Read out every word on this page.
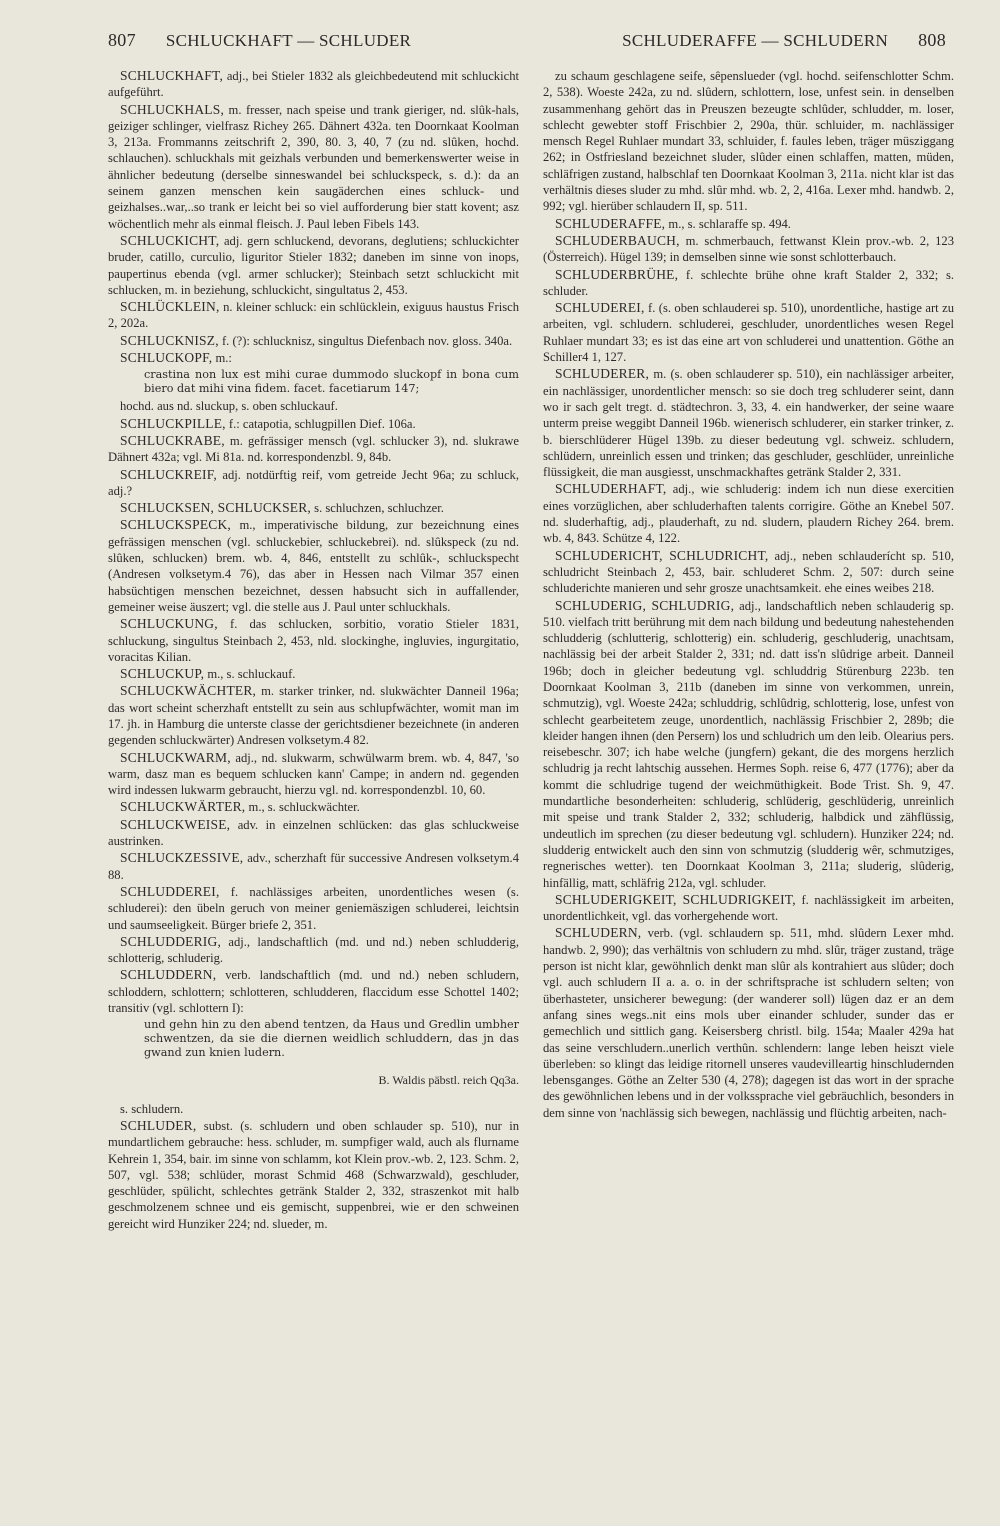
807 SCHLUCKHAFT — SCHLUDER	SCHLUDERAFFE — SCHLUDERN 808

SCHLUCKHAFT, adj., bei Stieler 1832 als gleichbedeutend mit schluckicht aufgeführt.

SCHLUCKHALS, m. fresser, nach speise und trank gieriger, nd. slûk-hals, geiziger schlinger, vielfrasz Richey 265. Dähnert 432a. ten Doornkaat Koolman 3, 213a. Frommanns zeitschrift 2, 390, 80. 3, 40, 7 (zu nd. slûken, hochd. schlauchen). schluckhals mit geizhals verbunden und bemerkenswerter weise in ähnlicher bedeutung (derselbe sinneswandel bei schluckspeck, s. d.): da an seinem ganzen menschen kein saugäderchen eines schluck- und geizhalses..war,..so trank er leicht bei so viel aufforderung bier statt kovent; asz wöchentlich mehr als einmal fleisch. J. Paul leben Fibels 143.

SCHLUCKICHT, adj. gern schluckend, devorans, deglutiens; schluckichter bruder, catillo, curculio, liguritor Stieler 1832; daneben im sinne von inops, paupertinus ebenda (vgl. armer schlucker); Steinbach setzt schluckicht mit schlucken, m. in beziehung, schluckicht, singultatus 2, 453.

SCHLÜCKLEIN, n. kleiner schluck: ein schlücklein, exiguus haustus Frisch 2, 202a.

SCHLUCKNISZ, f. (?): schlucknisz, singultus Diefenbach nov. gloss. 340a.

SCHLUCKOPF, m.:

crastina non lux est mihi curae dummodo sluckopf in bona cum biero dat mihi vina fidem. facet. facetiarum 147;

hochd. aus nd. sluckup, s. oben schluckauf.

SCHLUCKPILLE, f.: catapotia, schlugpillen Dief. 106a.

SCHLUCKRABE, m. gefrässiger mensch (vgl. schlucker 3), nd. slukrawe Dähnert 432a; vgl. Mi 81a. nd. korrespondenzbl. 9, 84b.

SCHLUCKREIF, adj. notdürftig reif, vom getreide Jecht 96a; zu schluck, adj.?

SCHLUCKSEN, SCHLUCKSER, s. schluchzen, schluchzer.

SCHLUCKSPECK, m., imperativische bildung, zur bezeichnung eines gefrässigen menschen (vgl. schluckebier, schluckebrei). nd. slûkspeck (zu nd. slûken, schlucken) brem. wb. 4, 846, entstellt zu schlûk-, schluckspecht (Andresen volksetym.4 76), das aber in Hessen nach Vilmar 357 einen habsüchtigen menschen bezeichnet, dessen habsucht sich in auffallender, gemeiner weise äuszert; vgl. die stelle aus J. Paul unter schluckhals.

SCHLUCKUNG, f. das schlucken, sorbitio, voratio Stieler 1831, schluckung, singultus Steinbach 2, 453, nld. slockinghe, ingluvies, ingurgitatio, voracitas Kilian.

SCHLUCKUP, m., s. schluckauf.

SCHLUCKWÄCHTER, m. starker trinker, nd. slukwächter Danneil 196a; das wort scheint scherzhaft entstellt zu sein aus schlupfwächter, womit man im 17. jh. in Hamburg die unterste classe der gerichtsdiener bezeichnete (in anderen gegenden schluckwärter) Andresen volksetym.4 82.

SCHLUCKWARM, adj., nd. slukwarm, schwülwarm brem. wb. 4, 847, 'so warm, dasz man es bequem schlucken kann' Campe; in andern nd. gegenden wird indessen lukwarm gebraucht, hierzu vgl. nd. korrespondenzbl. 10, 60.

SCHLUCKWÄRTER, m., s. schluckwächter.

SCHLUCKWEISE, adv. in einzelnen schlücken: das glas schluckweise austrinken.

SCHLUCKZESSIVE, adv., scherzhaft für successive Andresen volksetym.4 88.

SCHLUDDEREI, f. nachlässiges arbeiten, unordentliches wesen (s. schluderei): den übeln geruch von meiner geniemäszigen schluderei, leichtsin und saumseeligkeit. Bürger briefe 2, 351.

SCHLUDDERIG, adj., landschaftlich (md. und nd.) neben schludderig, schlotterig, schluderig.

SCHLUDDERN, verb. landschaftlich (md. und nd.) neben schludern, schloddern, schlottern; schlotteren, schludderen, flaccidum esse Schottel 1402; transitiv (vgl. schlottern I):

und gehn hin zu den abend tentzen, da Haus und Gredlin umbher schwentzen, da sie die diernen weidlich schluddern, das jn das gwand zun knien ludern.

B. Waldis päbstl. reich Qq3a.

s. schludern.

SCHLUDER, subst. (s. schludern und oben schlauder sp. 510), nur in mundartlichem gebrauche: hess. schluder, m. sumpfiger wald, auch als flurname Kehrein 1, 354, bair. im sinne von schlamm, kot Klein prov.-wb. 2, 123. Schm. 2, 507, vgl. 538; schlüder, morast Schmid 468 (Schwarzwald), geschluder, geschlüder, spülicht, schlechtes getränk Stalder 2, 332, straszenkot mit halb geschmolzenem schnee und eis gemischt, suppenbrei, wie er den schweinen gereicht wird Hunziker 224; nd. slueder, m.

zu schaum geschlagene seife, sêpenslueder (vgl. hochd. seifenschlotter Schm. 2, 538). Woeste 242a, zu nd. slûdern, schlottern, lose, unfest sein. in denselben zusammenhang gehört das in Preuszen bezeugte schlûder, schludder, m. loser, schlecht gewebter stoff Frischbier 2, 290a, thür. schluider, m. nachlässiger mensch Regel Ruhlaer mundart 33, schluider, f. faules leben, träger müsziggang 262; in Ostfriesland bezeichnet sluder, slûder einen schlaffen, matten, müden, schläfrigen zustand, halbschlaf ten Doornkaat Koolman 3, 211a. nicht klar ist das verhältnis dieses sluder zu mhd. slûr mhd. wb. 2, 2, 416a. Lexer mhd. handwb. 2, 992; vgl. hierüber schlaudern II, sp. 511.

SCHLUDERAFFE, m., s. schlaraffe sp. 494.

SCHLUDERBAUCH, m. schmerbauch, fettwanst Klein prov.-wb. 2, 123 (Österreich). Hügel 139; in demselben sinne wie sonst schlotterbauch.

SCHLUDERBRÜHE, f. schlechte brühe ohne kraft Stalder 2, 332; s. schluder.

SCHLUDEREI, f. (s. oben schlauderei sp. 510), unordentliche, hastige art zu arbeiten, vgl. schludern. schluderei, geschluder, unordentliches wesen Regel Ruhlaer mundart 33; es ist das eine art von schluderei und unattention. Göthe an Schiller4 1, 127.

SCHLUDERER, m. (s. oben schlauderer sp. 510), ein nachlässiger arbeiter, ein nachlässiger, unordentlicher mensch: so sie doch treg schluderer seint, dann wo ir sach gelt tregt. d. städtechron. 3, 33, 4. ein handwerker, der seine waare unterm preise weggibt Danneil 196b. wienerisch schluderer, ein starker trinker, z. b. bierschlüderer Hügel 139b. zu dieser bedeutung vgl. schweiz. schludern, schlüdern, unreinlich essen und trinken; das geschluder, geschlüder, unreinliche flüssigkeit, die man ausgiesst, unschmackhaftes getränk Stalder 2, 331.

SCHLUDERHAFT, adj., wie schluderig: indem ich nun diese exercitien eines vorzüglichen, aber schluderhaften talents corrigire. Göthe an Knebel 507. nd. sluderhaftig, adj., plauderhaft, zu nd. sludern, plaudern Richey 264. brem. wb. 4, 843. Schütze 4, 122.

SCHLUDERICHT, SCHLUDRICHT, adj., neben schlauderícht sp. 510, schludricht Steinbach 2, 453, bair. schluderet Schm. 2, 507: durch seine schluderichte manieren und sehr grosze unachtsamkeit. ehe eines weibes 218.

SCHLUDERIG, SCHLUDRIG, adj., landschaftlich neben schlauderig sp. 510. vielfach tritt berührung mit dem nach bildung und bedeutung nahestehenden schludderig (schlutterig, schlotterig) ein. schluderig, geschluderig, unachtsam, nachlässig bei der arbeit Stalder 2, 331; nd. datt iss'n slûdrige arbeit. Danneil 196b; doch in gleicher bedeutung vgl. schluddrig Stürenburg 223b. ten Doornkaat Koolman 3, 211b (daneben im sinne von verkommen, unrein, schmutzig), vgl. Woeste 242a; schluddrig, schlûdrig, schlotterig, lose, unfest von schlecht gearbeitetem zeuge, unordentlich, nachlässig Frischbier 2, 289b; die kleider hangen ihnen (den Persern) los und schludrich um den leib. Olearius pers. reisebeschr. 307; ich habe welche (jungfern) gekant, die des morgens herzlich schludrig ja recht lahtschig aussehen. Hermes Soph. reise 6, 477 (1776); aber da kommt die schludrige tugend der weichmüthigkeit. Bode Trist. Sh. 9, 47. mundartliche besonderheiten: schluderig, schlüderig, geschlüderig, unreinlich mit speise und trank Stalder 2, 332; schluderig, halbdick und zähflüssig, undeutlich im sprechen (zu dieser bedeutung vgl. schludern). Hunziker 224; nd. sludderig entwickelt auch den sinn von schmutzig (sludderig wêr, schmutziges, regnerisches wetter). ten Doornkaat Koolman 3, 211a; sluderig, slûderig, hinfällig, matt, schläfrig 212a, vgl. schluder.

SCHLUDERIGKEIT, SCHLUDRIGKEIT, f. nachlässigkeit im arbeiten, unordentlichkeit, vgl. das vorhergehende wort.

SCHLUDERN, verb. (vgl. schlaudern sp. 511, mhd. slûdern Lexer mhd. handwb. 2, 990); das verhältnis von schludern zu mhd. slûr, träger zustand, träge person ist nicht klar, gewöhnlich denkt man slûr als kontrahiert aus slûder; doch vgl. auch schludern II a. a. o. in der schriftsprache ist schludern selten; von überhasteter, unsicherer bewegung: (der wanderer soll) lügen daz er an dem anfang sines wegs..nit eins mols uber einander schluder, sunder das er gemechlich und sittlich gang. Keisersberg christl. bilg. 154a; Maaler 429a hat das seine verschludern..unerlich verthûn. schlendern: lange leben heiszt viele überleben: so klingt das leidige ritornell unseres vaudevilleartig hinschludernden lebensganges. Göthe an Zelter 530 (4, 278); dagegen ist das wort in der sprache des gewöhnlichen lebens und in der volkssprache viel gebräuchlich, besonders in dem sinne von 'nachlässig sich bewegen, nachlässig und flüchtig arbeiten, nach-
